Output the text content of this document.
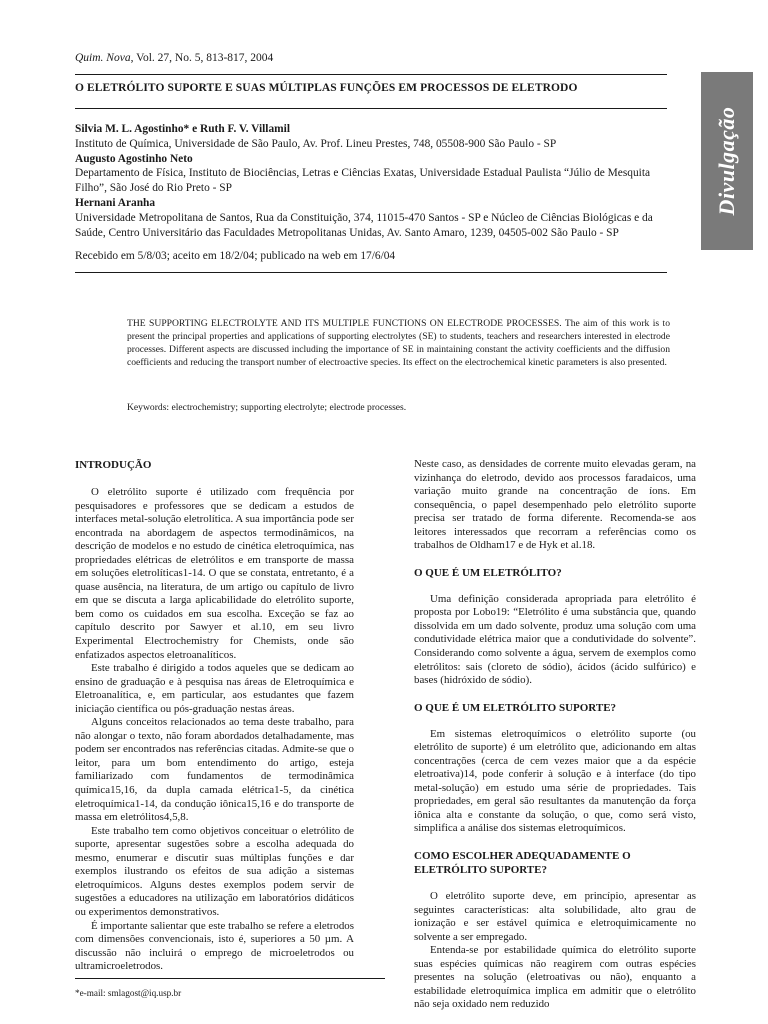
Quim. Nova, Vol. 27, No. 5, 813-817, 2004
O ELETRÓLITO SUPORTE E SUAS MÚLTIPLAS FUNÇÕES EM PROCESSOS DE ELETRODO
Divulgação
Silvia M. L. Agostinho* e Ruth F. V. Villamil
Instituto de Química, Universidade de São Paulo, Av. Prof. Lineu Prestes, 748, 05508-900 São Paulo - SP
Augusto Agostinho Neto
Departamento de Física, Instituto de Biociências, Letras e Ciências Exatas, Universidade Estadual Paulista “Júlio de Mesquita Filho”, São José do Rio Preto - SP
Hernani Aranha
Universidade Metropolitana de Santos, Rua da Constituição, 374, 11015-470 Santos - SP e Núcleo de Ciências Biológicas e da Saúde, Centro Universitário das Faculdades Metropolitanas Unidas, Av. Santo Amaro, 1239, 04505-002 São Paulo - SP
Recebido em 5/8/03; aceito em 18/2/04; publicado na web em 17/6/04
THE SUPPORTING ELECTROLYTE AND ITS MULTIPLE FUNCTIONS ON ELECTRODE PROCESSES. The aim of this work is to present the principal properties and applications of supporting electrolytes (SE) to students, teachers and researchers interested in electrode processes. Different aspects are discussed including the importance of SE in maintaining constant the activity coefficients and the diffusion coefficients and reducing the transport number of electroactive species. Its effect on the electrochemical kinetic parameters is also presented.
Keywords: electrochemistry; supporting electrolyte; electrode processes.
INTRODUÇÃO

O eletrólito suporte é utilizado com frequência por pesquisadores e professores que se dedicam a estudos de interfaces metal-solução eletrolítica. A sua importância pode ser encontrada na abordagem de aspectos termodinâmicos, na descrição de modelos e no estudo de cinética eletroquímica, nas propriedades elétricas de eletrólitos e em transporte de massa em soluções eletrolíticas1-14. O que se constata, entretanto, é a quase ausência, na literatura, de um artigo ou capítulo de livro em que se discuta a larga aplicabilidade do eletrólito suporte, bem como os cuidados em sua escolha. Exceção se faz ao capítulo descrito por Sawyer et al.10, em seu livro Experimental Electrochemistry for Chemists, onde são enfatizados aspectos eletroanalíticos.

Este trabalho é dirigido a todos aqueles que se dedicam ao ensino de graduação e à pesquisa nas áreas de Eletroquímica e Eletroanalítica, e, em particular, aos estudantes que fazem iniciação científica ou pós-graduação nestas áreas.

Alguns conceitos relacionados ao tema deste trabalho, para não alongar o texto, não foram abordados detalhadamente, mas podem ser encontrados nas referências citadas. Admite-se que o leitor, para um bom entendimento do artigo, esteja familiarizado com fundamentos de termodinâmica química15,16, da dupla camada elétrica1-5, da cinética eletroquímica1-14, da condução iônica15,16 e do transporte de massa em eletrólitos4,5,8.

Este trabalho tem como objetivos conceituar o eletrólito de suporte, apresentar sugestões sobre a escolha adequada do mesmo, enumerar e discutir suas múltiplas funções e dar exemplos ilustrando os efeitos de sua adição a sistemas eletroquímicos. Alguns destes exemplos podem servir de sugestões a educadores na utilização em laboratórios didáticos ou experimentos demonstrativos.

É importante salientar que este trabalho se refere a eletrodos com dimensões convencionais, isto é, superiores a 50 µm. A discussão não incluirá o emprego de microeletrodos ou ultramicroeletrodos.

Neste caso, as densidades de corrente muito elevadas geram, na vizinhança do eletrodo, devido aos processos faradaicos, uma variação muito grande na concentração de íons. Em consequência, o papel desempenhado pelo eletrólito suporte precisa ser tratado de forma diferente. Recomenda-se aos leitores interessados que recorram a referências como os trabalhos de Oldham17 e de Hyk et al.18.

O QUE É UM ELETRÓLITO?

Uma definição considerada apropriada para eletrólito é proposta por Lobo19: “Eletrólito é uma substância que, quando dissolvida em um dado solvente, produz uma solução com uma condutividade elétrica maior que a condutividade do solvente”. Considerando como solvente a água, servem de exemplos como eletrólitos: sais (cloreto de sódio), ácidos (ácido sulfúrico) e bases (hidróxido de sódio).

O QUE É UM ELETRÓLITO SUPORTE?

Em sistemas eletroquímicos o eletrólito suporte (ou eletrólito de suporte) é um eletrólito que, adicionando em altas concentrações (cerca de cem vezes maior que a da espécie eletroativa)14, pode conferir à solução e à interface (do tipo metal-solução) em estudo uma série de propriedades. Tais propriedades, em geral são resultantes da manutenção da força iônica alta e constante da solução, o que, como será visto, simplifica a análise dos sistemas eletroquímicos.

COMO ESCOLHER ADEQUADAMENTE O ELETRÓLITO SUPORTE?

O eletrólito suporte deve, em princípio, apresentar as seguintes características: alta solubilidade, alto grau de ionização e ser estável química e eletroquimicamente no solvente a ser empregado.

Entenda-se por estabilidade química do eletrólito suporte suas espécies químicas não reagirem com outras espécies presentes na solução (eletroativas ou não), enquanto a estabilidade eletroquímica implica em admitir que o eletrólito não seja oxidado nem reduzido

*e-mail: smlagost@iq.usp.br
